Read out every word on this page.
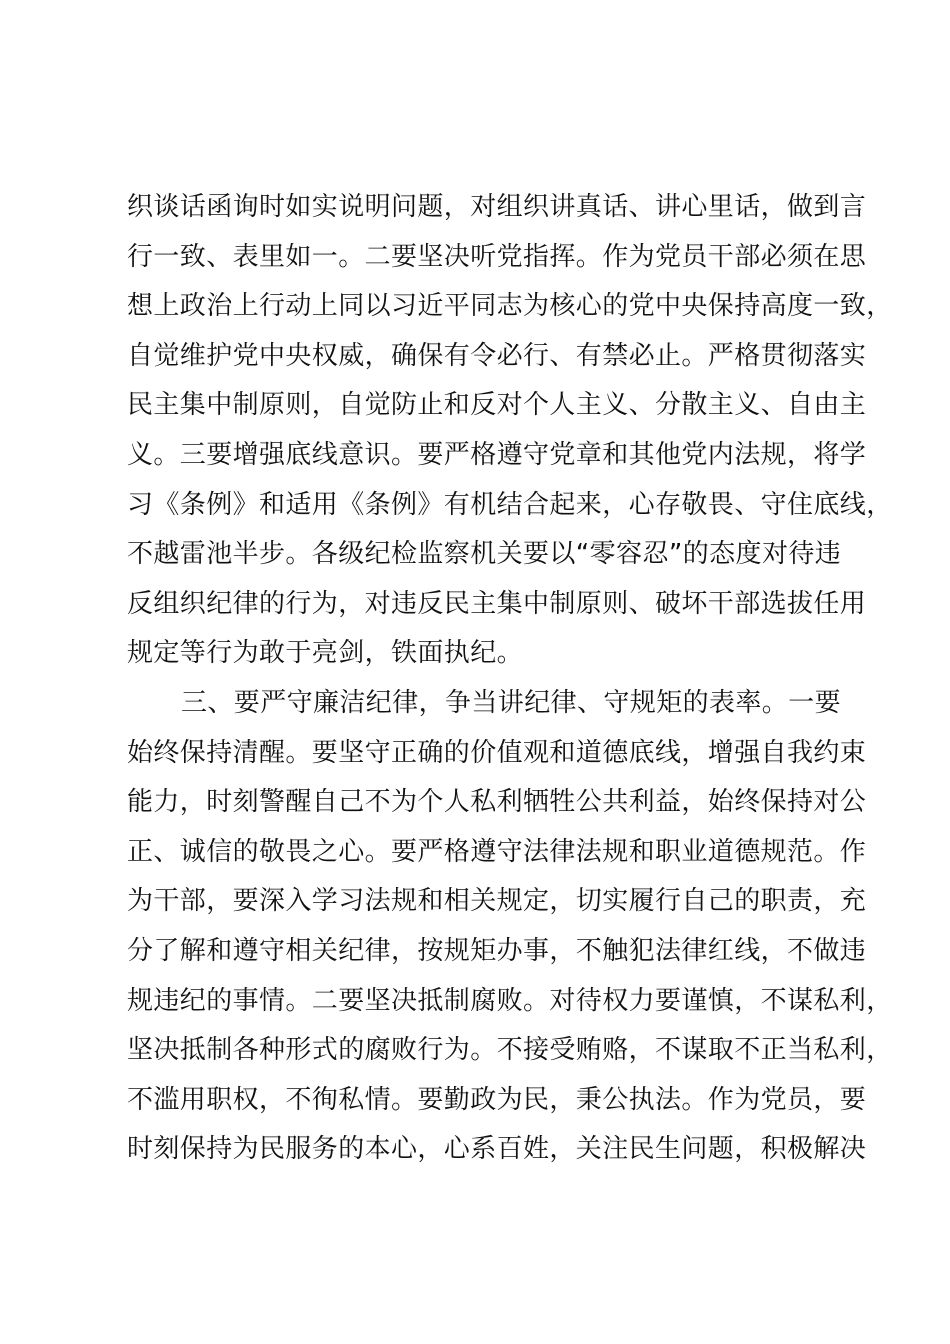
织谈话函询时如实说明问题，对组织讲真话、讲心里话，做到言
行一致、表里如一。二要坚决听党指挥。作为党员干部必须在思
想上政治上行动上同以习近平同志为核心的党中央保持高度一致，
自觉维护党中央权威，确保有令必行、有禁必止。严格贯彻落实
民主集中制原则，自觉防止和反对个人主义、分散主义、自由主
义。三要增强底线意识。要严格遵守党章和其他党内法规，将学
习《条例》和适用《条例》有机结合起来，心存敬畏、守住底线，
不越雷池半步。各级纪检监察机关要以“零容忍”的态度对待违
反组织纪律的行为，对违反民主集中制原则、破坏干部选拔任用
规定等行为敢于亮剑，铁面执纪。
三、要严守廉洁纪律，争当讲纪律、守规矩的表率。一要
始终保持清醒。要坚守正确的价值观和道德底线，增强自我约束
能力，时刻警醒自己不为个人私利牺牲公共利益，始终保持对公
正、诚信的敬畏之心。要严格遵守法律法规和职业道德规范。作
为干部，要深入学习法规和相关规定，切实履行自己的职责，充
分了解和遵守相关纪律，按规矩办事，不触犯法律红线，不做违
规违纪的事情。二要坚决抵制腐败。对待权力要谨慎，不谋私利，
坚决抵制各种形式的腐败行为。不接受贿赂，不谋取不正当私利，
不滥用职权，不徇私情。要勤政为民，秉公执法。作为党员，要
时刻保持为民服务的本心，心系百姓，关注民生问题，积极解决
